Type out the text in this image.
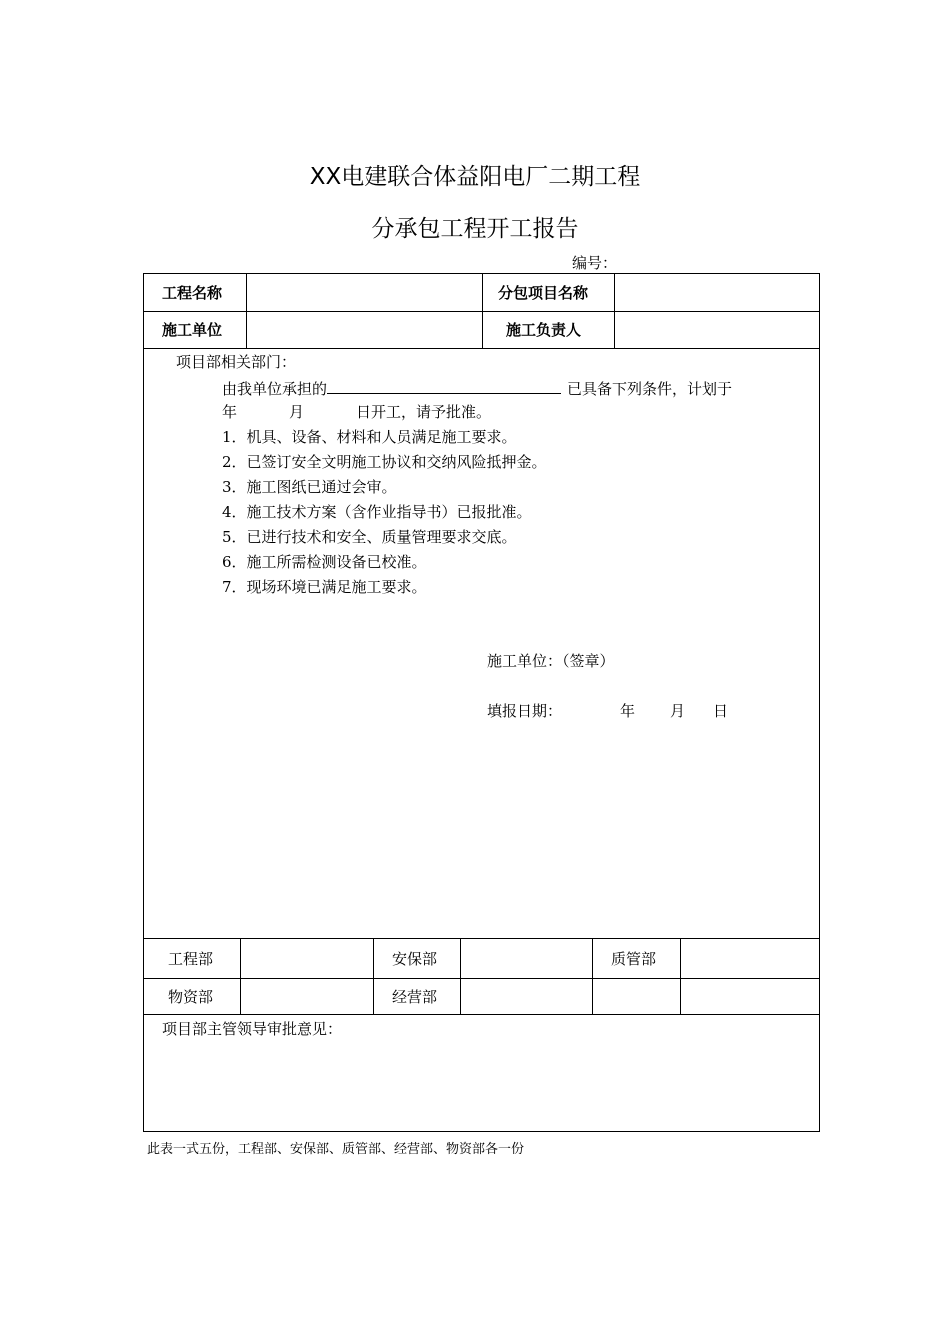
XX电建联合体益阳电厂二期工程
分承包工程开工报告
编号：
工程名称	分包项目名称
施工单位	施工负责人
项目部相关部门：
由我单位承担的	已具备下列条件，计划于
年	月	日开工，请予批准。
1．机具、设备、材料和人员满足施工要求。
2．已签订安全文明施工协议和交纳风险抵押金。
3．施工图纸已通过会审。
4．施工技术方案（含作业指导书）已报批准。
5．已进行技术和安全、质量管理要求交底。
6．施工所需检测设备已校准。
7．现场环境已满足施工要求。
施工单位：（签章）
填报日期：	年 月 日
工程部	安保部	质管部
物资部	经营部
项目部主管领导审批意见：
此表一式五份，工程部、安保部、质管部、经营部、物资部各一份
